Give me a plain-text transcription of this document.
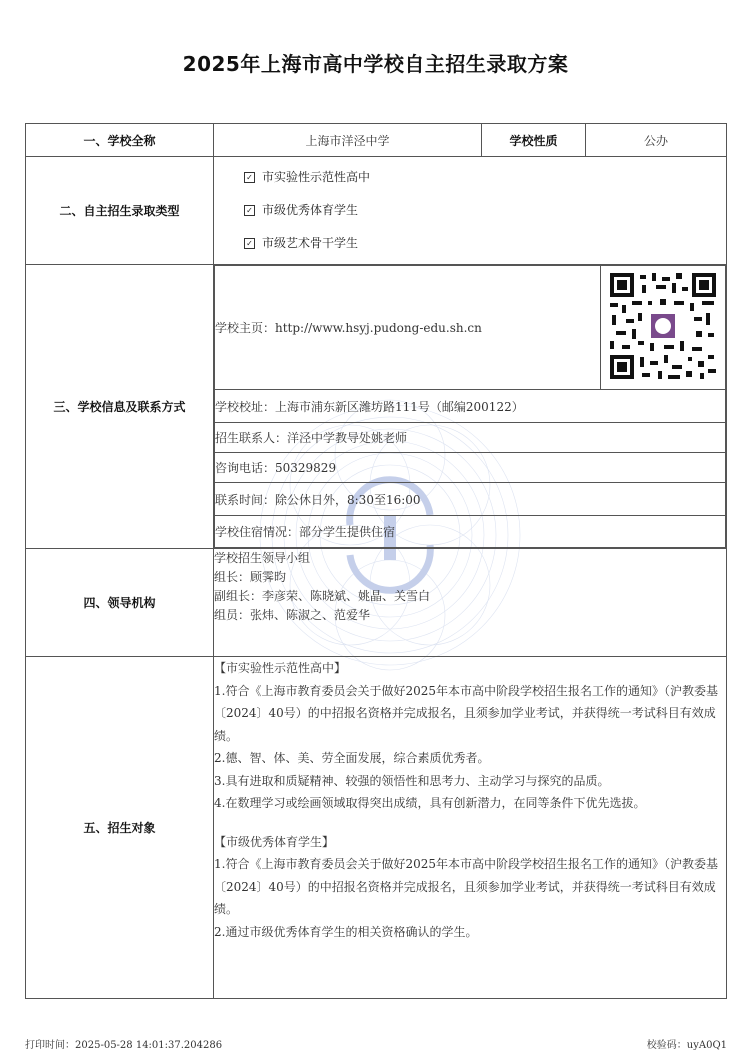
2025年上海市高中学校自主招生录取方案
一、学校全称	上海市洋泾中学	学校性质	公办
二、自主招生录取类型	
✓ 市实验性示范性高中
✓ 市级优秀体育学生
✓ 市级艺术骨干学生

三、学校信息及联系方式	
学校主页：http://www.hsyj.pudong-edu.sh.cn	
学校校址：上海市浦东新区潍坊路111号（邮编200122）
招生联系人：洋泾中学教导处姚老师
咨询电话：50329829
联系时间：除公休日外，8:30至16:00
学校住宿情况：部分学生提供住宿

四、领导机构	

学校招生领导小组

组长：顾霁昀

副组长：李彦荣、陈晓斌、姚晶、关雪白

组员：张炜、陈淑之、范爱华

五、招生对象	

【市实验性示范性高中】

1.符合《上海市教育委员会关于做好2025年本市高中阶段学校招生报名工作的通知》（沪教委基〔2024〕40号）的中招报名资格并完成报名，且须参加学业考试，并获得统一考试科目有效成绩。

2.德、智、体、美、劳全面发展，综合素质优秀者。

3.具有进取和质疑精神、较强的领悟性和思考力、主动学习与探究的品质。

4.在数理学习或绘画领域取得突出成绩，具有创新潜力，在同等条件下优先选拔。

【市级优秀体育学生】

1.符合《上海市教育委员会关于做好2025年本市高中阶段学校招生报名工作的通知》（沪教委基〔2024〕40号）的中招报名资格并完成报名，且须参加学业考试，并获得统一考试科目有效成绩。

2.通过市级优秀体育学生的相关资格确认的学生。

打印时间：2025-05-28 14:01:37.204286	校验码：uyA0Q1
